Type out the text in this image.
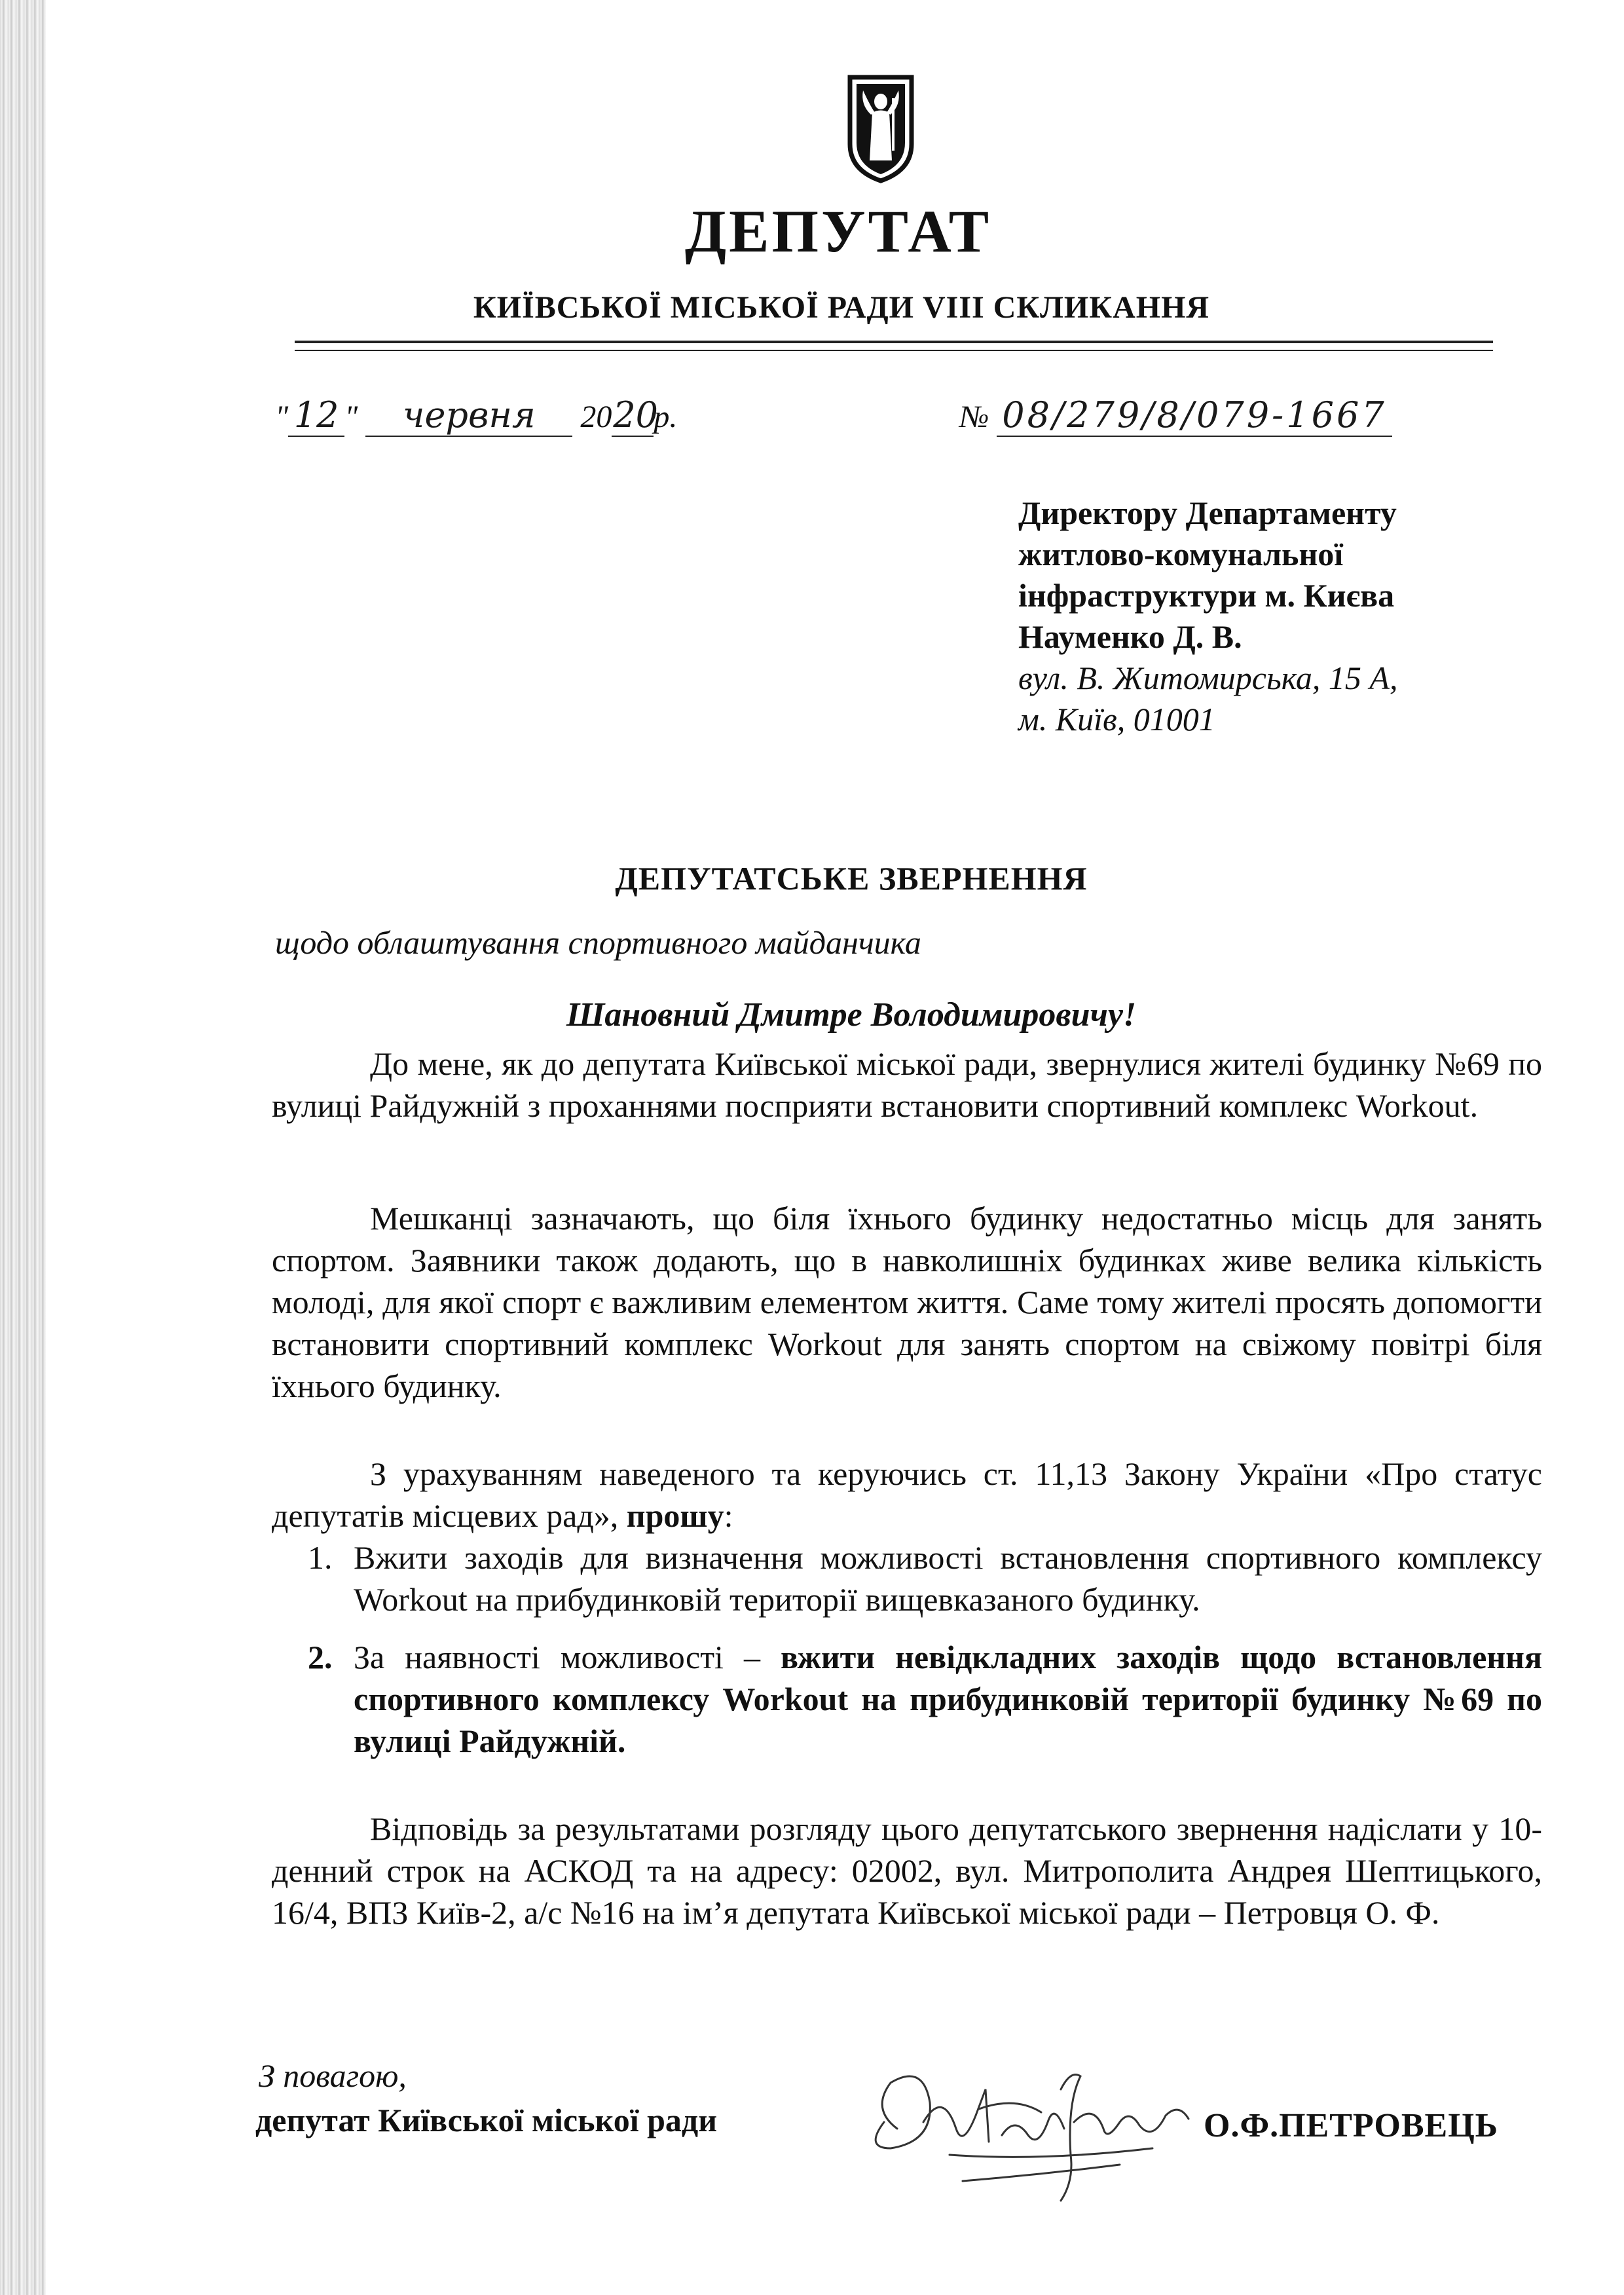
ДЕПУТАТ
КИЇВСЬКОЇ МІСЬКОЇ РАДИ VIII СКЛИКАННЯ
" 12 " червня 2020р.	№ 08/279/8/079-1667
Директору Департаменту
житлово-комунальної
інфраструктури м. Києва
Науменко Д. В.
вул. В. Житомирська, 15 А,
м. Київ, 01001
ДЕПУТАТСЬКЕ ЗВЕРНЕННЯ
щодо облаштування спортивного майданчика
Шановний Дмитре Володимировичу!
До мене, як до депутата Київської міської ради, звернулися жителі будинку №69 по вулиці Райдужній з проханнями посприяти встановити спортивний комплекс Workout.
Мешканці зазначають, що біля їхнього будинку недостатньо місць для занять спортом. Заявники також додають, що в навколишніх будинках живе велика кількість молоді, для якої спорт є важливим елементом життя. Саме тому жителі просять допомогти встановити спортивний комплекс Workout для занять спортом на свіжому повітрі біля їхнього будинку.
З урахуванням наведеного та керуючись ст. 11,13 Закону України «Про статус депутатів місцевих рад», прошу:
1. Вжити заходів для визначення можливості встановлення спортивного комплексу Workout на прибудинковій території вищевказаного будинку.
2. За наявності можливості – вжити невідкладних заходів щодо встановлення спортивного комплексу Workout на прибудинковій території будинку №69 по вулиці Райдужній.
Відповідь за результатами розгляду цього депутатського звернення надіслати у 10-денний строк на АСКОД та на адресу: 02002, вул. Митрополита Андрея Шептицького, 16/4, ВПЗ Київ-2, а/с №16 на ім’я депутата Київської міської ради – Петровця О. Ф.
З повагою,
депутат Київської міської ради	О.Ф.ПЕТРОВЕЦЬ
